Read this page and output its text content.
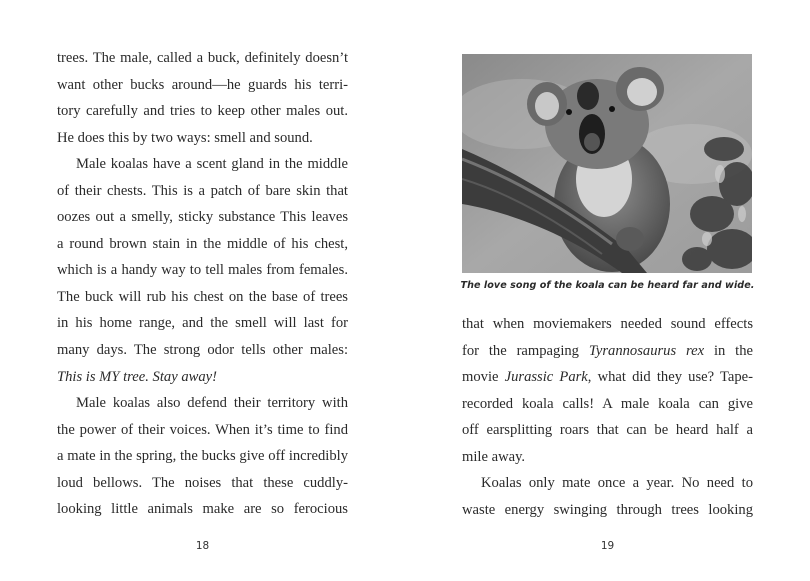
trees. The male, called a buck, definitely doesn’t
want other bucks around—he guards his terri-
tory carefully and tries to keep other males out.
He does this by two ways: smell and sound.
Male koalas have a scent gland in the middle
of their chests. This is a patch of bare skin that
oozes out a smelly, sticky substance This leaves
a round brown stain in the middle of his chest,
which is a handy way to tell males from females.
The buck will rub his chest on the base of trees
in his home range, and the smell will last for
many days. The strong odor tells other males:
This is MY tree. Stay away!
Male koalas also defend their territory with
the power of their voices. When it’s time to find
a mate in the spring, the bucks give off incredibly
loud bellows. The noises that these cuddly-
looking little animals make are so ferocious
18
The love song of the koala can be heard far and wide.
that when moviemakers needed sound effects
for the rampaging Tyrannosaurus rex in the
movie Jurassic Park, what did they use? Tape-
recorded koala calls! A male koala can give
off earsplitting roars that can be heard half a
mile away.
Koalas only mate once a year. No need to
waste energy swinging through trees looking
19
